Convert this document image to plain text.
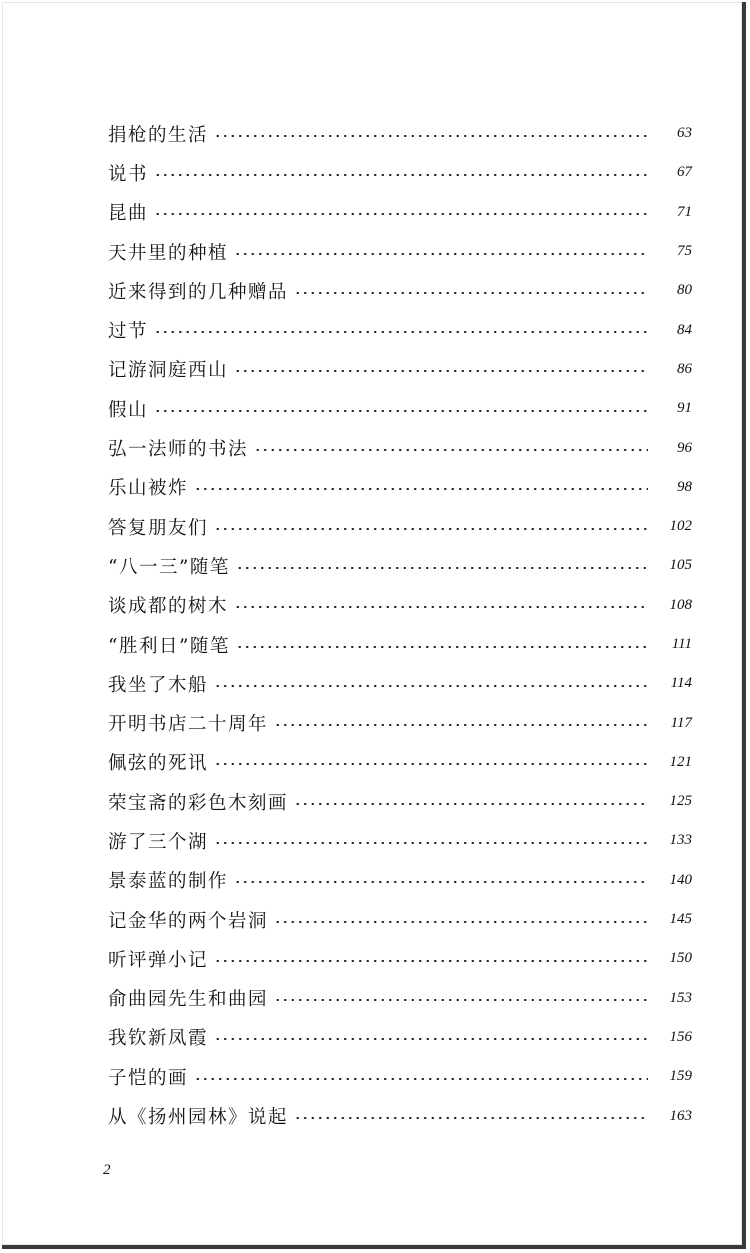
捐枪的生活	63
说书	67
昆曲	71
天井里的种植	75
近来得到的几种赠品	80
过节	84
记游洞庭西山	86
假山	91
弘一法师的书法	96
乐山被炸	98
答复朋友们	102
“八一三”随笔	105
谈成都的树木	108
“胜利日”随笔	111
我坐了木船	114
开明书店二十周年	117
佩弦的死讯	121
荣宝斋的彩色木刻画	125
游了三个湖	133
景泰蓝的制作	140
记金华的两个岩洞	145
听评弹小记	150
俞曲园先生和曲园	153
我钦新凤霞	156
子恺的画	159
从《扬州园林》说起	163
2
